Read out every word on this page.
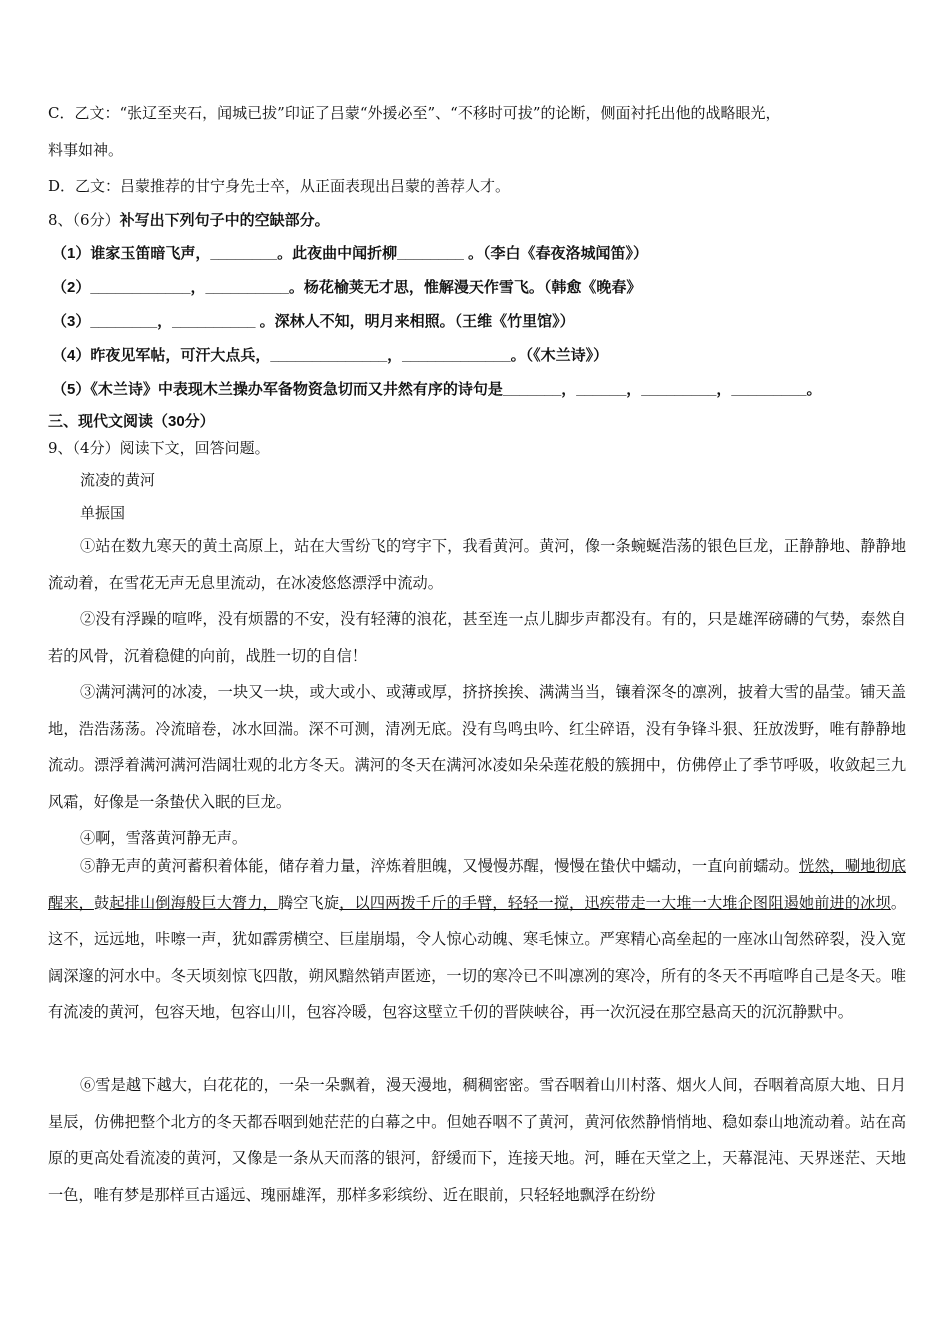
C．乙文：“张辽至夹石，闻城已拔”印证了吕蒙“外援必至”、“不移时可拔”的论断，侧面衬托出他的战略眼光，
料事如神。
D．乙文：吕蒙推荐的甘宁身先士卒，从正面表现出吕蒙的善荐人才。
8、（6分）补写出下列句子中的空缺部分。
（1）谁家玉笛暗飞声，________。此夜曲中闻折柳________ 。（李白《春夜洛城闻笛》）
（2）____________，__________。杨花榆荚无才思，惟解漫天作雪飞。（韩愈《晚春》
（3）________，__________ 。深林人不知，明月来相照。（王维《竹里馆》）
（4）昨夜见军帖，可汗大点兵，______________，_____________。（《木兰诗》）
（5）《木兰诗》中表现木兰操办军备物资急切而又井然有序的诗句是_______，______，_________，_________。
三、现代文阅读（30分）
9、（4分）阅读下文，回答问题。
流凌的黄河
单振国
①站在数九寒天的黄土高原上，站在大雪纷飞的穹宇下，我看黄河。黄河，像一条蜿蜒浩荡的银色巨龙，正静静地、静静地流动着，在雪花无声无息里流动，在冰凌悠悠漂浮中流动。
②没有浮躁的喧哗，没有烦嚣的不安，没有轻薄的浪花，甚至连一点儿脚步声都没有。有的，只是雄浑磅礴的气势，泰然自若的风骨，沉着稳健的向前，战胜一切的自信！
③满河满河的冰凌，一块又一块，或大或小、或薄或厚，挤挤挨挨、满满当当，镶着深冬的凛冽，披着大雪的晶莹。铺天盖地，浩浩荡荡。冷流暗卷，冰水回湍。深不可测，清冽无底。没有鸟鸣虫吟、红尘碎语，没有争锋斗狠、狂放泼野，唯有静静地流动。漂浮着满河满河浩阔壮观的北方冬天。满河的冬天在满河冰凌如朵朵莲花般的簇拥中，仿佛停止了季节呼吸，收敛起三九风霜，好像是一条蛰伏入眠的巨龙。
④啊，雪落黄河静无声。
⑤静无声的黄河蓄积着体能，储存着力量，淬炼着胆魄，又慢慢苏醒，慢慢在蛰伏中蠕动，一直向前蠕动。恍然，唰地彻底醒来，鼓起排山倒海般巨大膂力，腾空飞旋，以四两拨千斤的手臂，轻轻一搅，迅疾带走一大堆一大堆企图阻遏她前进的冰坝。这不，远远地，咔嚓一声，犹如霹雳横空、巨崖崩塌，令人惊心动魄、寒毛悚立。严寒精心高垒起的一座冰山訇然碎裂，没入宽阔深邃的河水中。冬天顷刻惊飞四散，朔风黯然销声匿迹，一切的寒冷已不叫凛冽的寒冷，所有的冬天不再喧哗自己是冬天。唯有流凌的黄河，包容天地，包容山川，包容冷暖，包容这壁立千仞的晋陕峡谷，再一次沉浸在那空悬高天的沉沉静默中。
⑥雪是越下越大，白花花的，一朵一朵飘着，漫天漫地，稠稠密密。雪吞咽着山川村落、烟火人间，吞咽着高原大地、日月星辰，仿佛把整个北方的冬天都吞咽到她茫茫的白幕之中。但她吞咽不了黄河，黄河依然静悄悄地、稳如泰山地流动着。站在高原的更高处看流凌的黄河，又像是一条从天而落的银河，舒缓而下，连接天地。河，睡在天堂之上，天幕混沌、天界迷茫、天地一色，唯有梦是那样亘古遥远、瑰丽雄浑，那样多彩缤纷、近在眼前，只轻轻地飘浮在纷纷
